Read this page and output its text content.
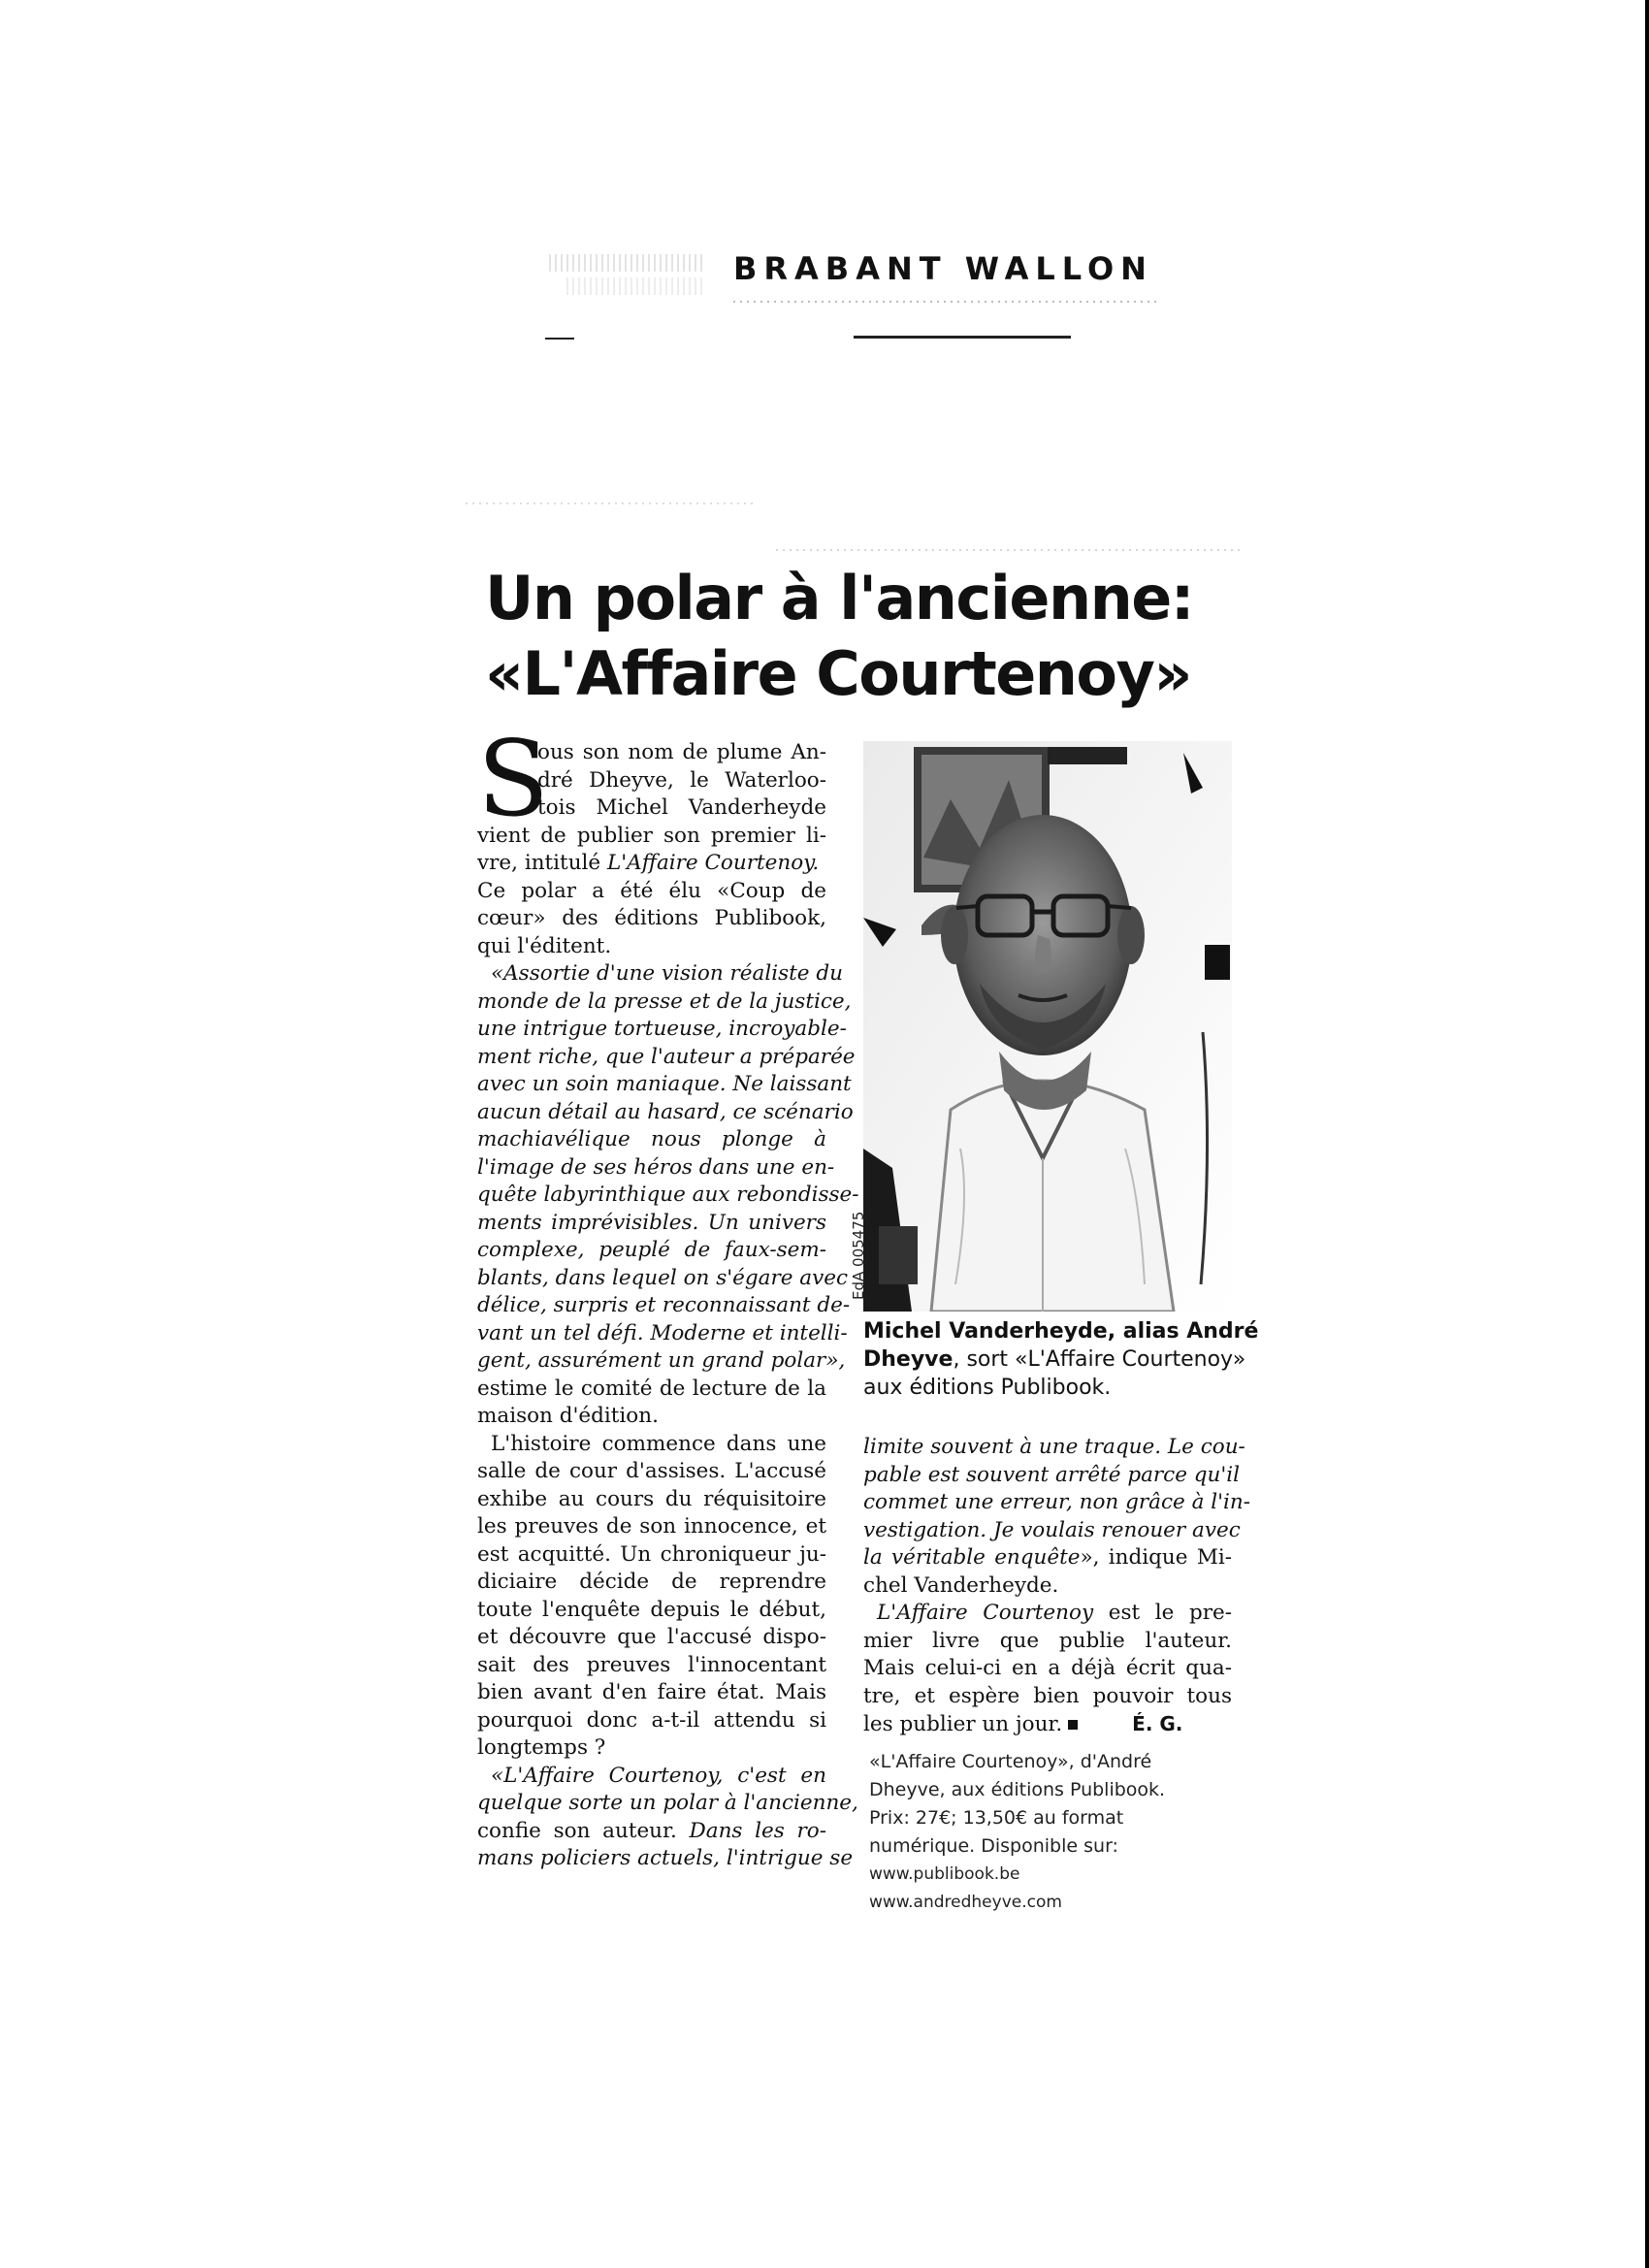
BRABANT WALLON
Un polar à l'ancienne:
«L'Affaire Courtenoy»
S
ous son nom de plume An-
dré Dheyve, le Waterloo-
tois Michel Vanderheyde
vient de publier son premier li-
vre, intitulé L'Affaire Courtenoy.
Ce polar a été élu «Coup de
cœur» des éditions Publibook,
qui l'éditent.
«Assortie d'une vision réaliste du
monde de la presse et de la justice,
une intrigue tortueuse, incroyable-
ment riche, que l'auteur a préparée
avec un soin maniaque. Ne laissant
aucun détail au hasard, ce scénario
machiavélique nous plonge à
l'image de ses héros dans une en-
quête labyrinthique aux rebondisse-
ments imprévisibles. Un univers
complexe, peuplé de faux-sem-
blants, dans lequel on s'égare avec
délice, surpris et reconnaissant de-
vant un tel défi. Moderne et intelli-
gent, assurément un grand polar»,
estime le comité de lecture de la
maison d'édition.
L'histoire commence dans une
salle de cour d'assises. L'accusé
exhibe au cours du réquisitoire
les preuves de son innocence, et
est acquitté. Un chroniqueur ju-
diciaire décide de reprendre
toute l'enquête depuis le début,
et découvre que l'accusé dispo-
sait des preuves l'innocentant
bien avant d'en faire état. Mais
pourquoi donc a-t-il attendu si
longtemps ?
«L'Affaire Courtenoy, c'est en
quelque sorte un polar à l'ancienne,
confie son auteur. Dans les ro-
mans policiers actuels, l'intrigue se
EdA 005475
Michel Vanderheyde, alias André
Dheyve, sort «L'Affaire Courtenoy»
aux éditions Publibook.
limite souvent à une traque. Le cou-
pable est souvent arrêté parce qu'il
commet une erreur, non grâce à l'in-
vestigation. Je voulais renouer avec
la véritable enquête», indique Mi-
chel Vanderheyde.
L'Affaire Courtenoy est le pre-
mier livre que publie l'auteur.
Mais celui-ci en a déjà écrit qua-
tre, et espère bien pouvoir tous
les publier un jour.	É. G.
«L'Affaire Courtenoy», d'André
Dheyve, aux éditions Publibook.
Prix: 27€; 13,50€ au format
numérique. Disponible sur:
www.publibook.be
www.andredheyve.com
